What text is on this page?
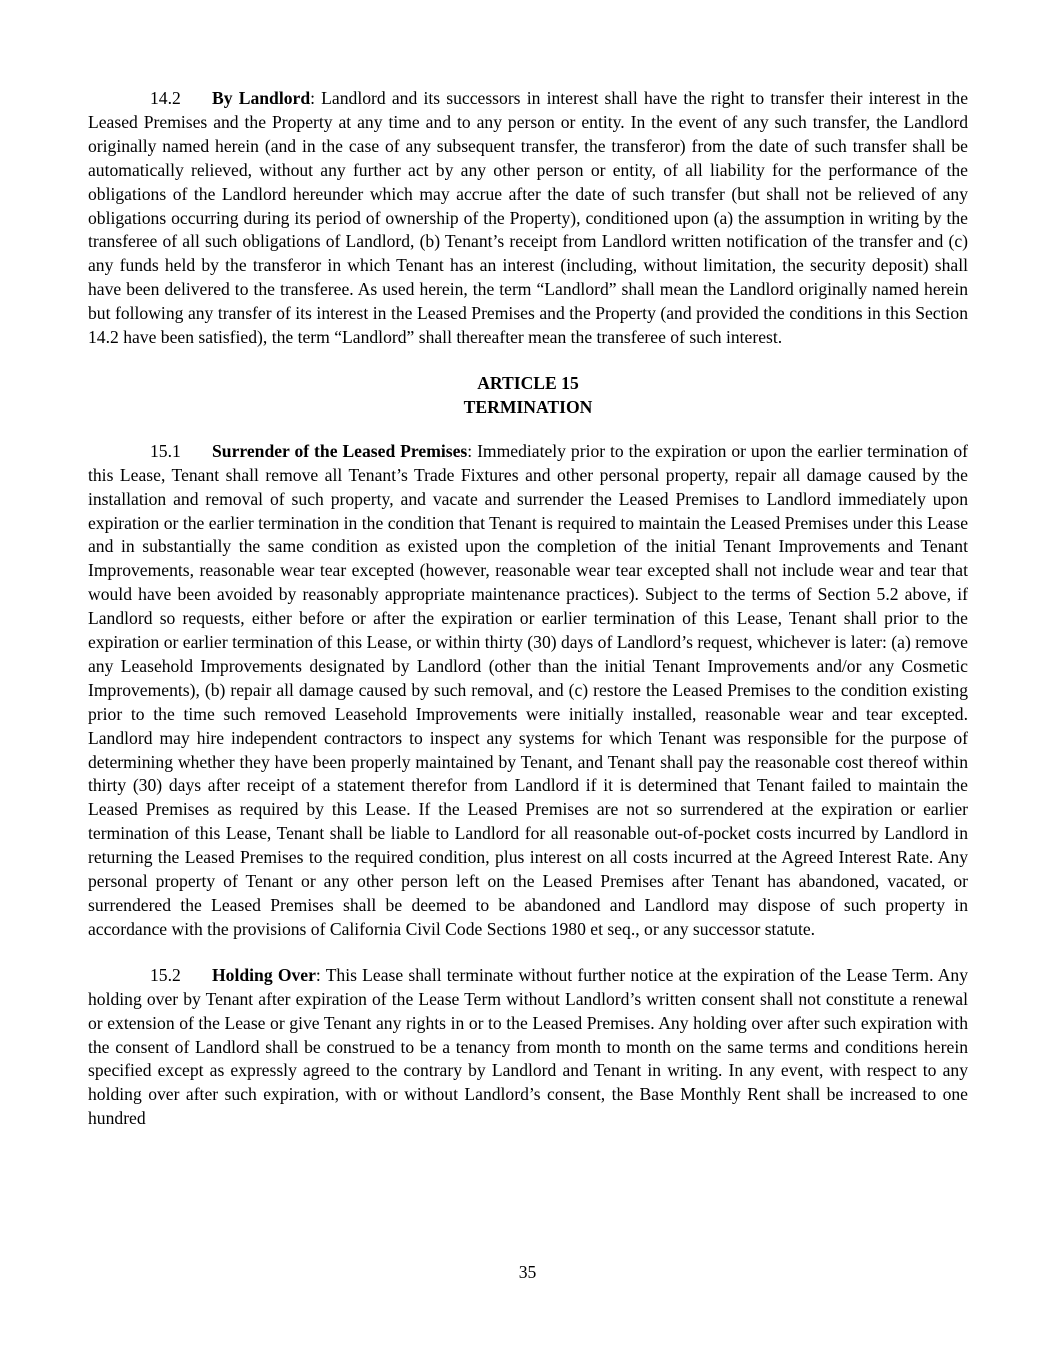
14.2 By Landlord: Landlord and its successors in interest shall have the right to transfer their interest in the Leased Premises and the Property at any time and to any person or entity. In the event of any such transfer, the Landlord originally named herein (and in the case of any subsequent transfer, the transferor) from the date of such transfer shall be automatically relieved, without any further act by any other person or entity, of all liability for the performance of the obligations of the Landlord hereunder which may accrue after the date of such transfer (but shall not be relieved of any obligations occurring during its period of ownership of the Property), conditioned upon (a) the assumption in writing by the transferee of all such obligations of Landlord, (b) Tenant’s receipt from Landlord written notification of the transfer and (c) any funds held by the transferor in which Tenant has an interest (including, without limitation, the security deposit) shall have been delivered to the transferee. As used herein, the term “Landlord” shall mean the Landlord originally named herein but following any transfer of its interest in the Leased Premises and the Property (and provided the conditions in this Section 14.2 have been satisfied), the term “Landlord” shall thereafter mean the transferee of such interest.

ARTICLE 15

TERMINATION

15.1 Surrender of the Leased Premises: Immediately prior to the expiration or upon the earlier termination of this Lease, Tenant shall remove all Tenant’s Trade Fixtures and other personal property, repair all damage caused by the installation and removal of such property, and vacate and surrender the Leased Premises to Landlord immediately upon expiration or the earlier termination in the condition that Tenant is required to maintain the Leased Premises under this Lease and in substantially the same condition as existed upon the completion of the initial Tenant Improvements and Tenant Improvements, reasonable wear tear excepted (however, reasonable wear tear excepted shall not include wear and tear that would have been avoided by reasonably appropriate maintenance practices). Subject to the terms of Section 5.2 above, if Landlord so requests, either before or after the expiration or earlier termination of this Lease, Tenant shall prior to the expiration or earlier termination of this Lease, or within thirty (30) days of Landlord’s request, whichever is later: (a) remove any Leasehold Improvements designated by Landlord (other than the initial Tenant Improvements and/or any Cosmetic Improvements), (b) repair all damage caused by such removal, and (c) restore the Leased Premises to the condition existing prior to the time such removed Leasehold Improvements were initially installed, reasonable wear and tear excepted. Landlord may hire independent contractors to inspect any systems for which Tenant was responsible for the purpose of determining whether they have been properly maintained by Tenant, and Tenant shall pay the reasonable cost thereof within thirty (30) days after receipt of a statement therefor from Landlord if it is determined that Tenant failed to maintain the Leased Premises as required by this Lease. If the Leased Premises are not so surrendered at the expiration or earlier termination of this Lease, Tenant shall be liable to Landlord for all reasonable out-of-pocket costs incurred by Landlord in returning the Leased Premises to the required condition, plus interest on all costs incurred at the Agreed Interest Rate. Any personal property of Tenant or any other person left on the Leased Premises after Tenant has abandoned, vacated, or surrendered the Leased Premises shall be deemed to be abandoned and Landlord may dispose of such property in accordance with the provisions of California Civil Code Sections 1980 et seq., or any successor statute.

15.2 Holding Over: This Lease shall terminate without further notice at the expiration of the Lease Term. Any holding over by Tenant after expiration of the Lease Term without Landlord’s written consent shall not constitute a renewal or extension of the Lease or give Tenant any rights in or to the Leased Premises. Any holding over after such expiration with the consent of Landlord shall be construed to be a tenancy from month to month on the same terms and conditions herein specified except as expressly agreed to the contrary by Landlord and Tenant in writing. In any event, with respect to any holding over after such expiration, with or without Landlord’s consent, the Base Monthly Rent shall be increased to one hundred

35
